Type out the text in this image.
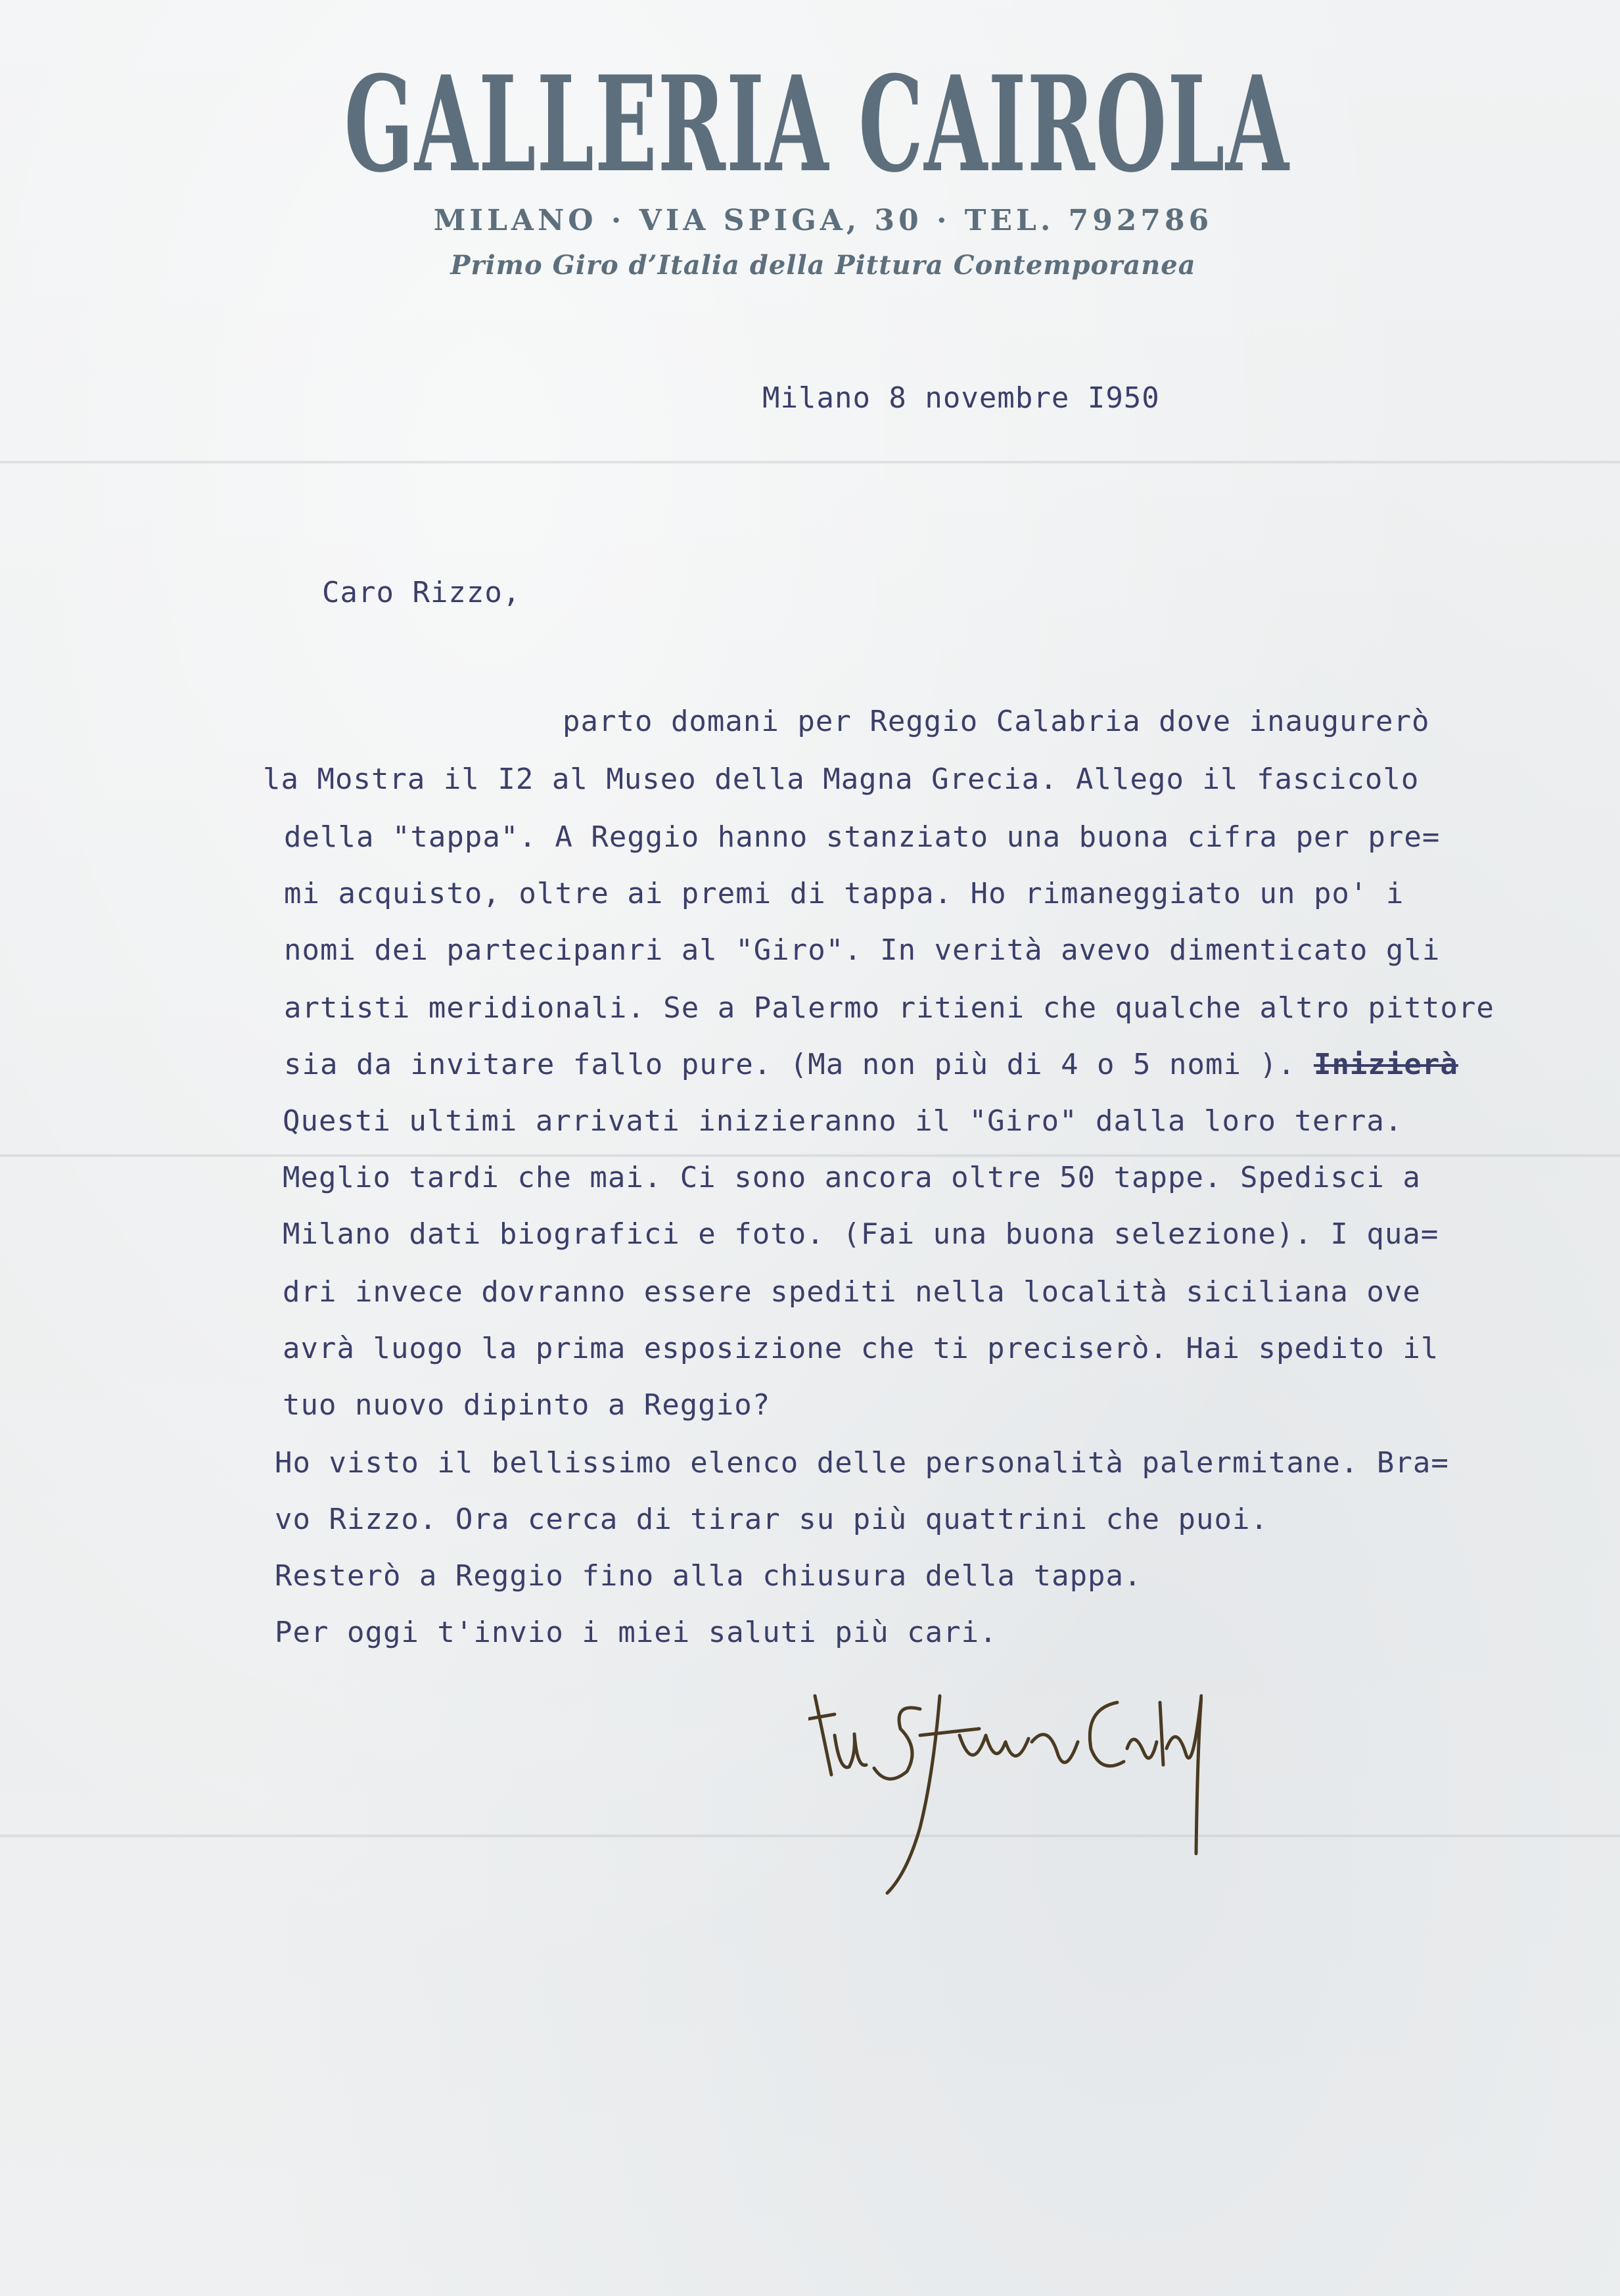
GALLERIA CAIROLA
MILANO · VIA SPIGA, 30 · TEL. 792786
Primo Giro d’Italia della Pittura Contemporanea
Milano 8 novembre I950
Caro Rizzo,
parto domani per Reggio Calabria dove inaugurerò
la Mostra il I2 al Museo della Magna Grecia. Allego il fascicolo
della "tappa". A Reggio hanno stanziato una buona cifra per pre=
mi acquisto, oltre ai premi di tappa. Ho rimaneggiato un po' i
nomi dei partecipanri al "Giro". In verità avevo dimenticato gli
artisti meridionali. Se a Palermo ritieni che qualche altro pittore
sia da invitare fallo pure. (Ma non più di 4 o 5 nomi ). Inizierà
Questi ultimi arrivati inizieranno il "Giro" dalla loro terra.
Meglio tardi che mai. Ci sono ancora oltre 50 tappe. Spedisci a
Milano dati biografici e foto. (Fai una buona selezione). I qua=
dri invece dovranno essere spediti nella località siciliana ove
avrà luogo la prima esposizione che ti preciserò. Hai spedito il
tuo nuovo dipinto a Reggio?
Ho visto il bellissimo elenco delle personalità palermitane. Bra=
vo Rizzo. Ora cerca di tirar su più quattrini che puoi.
Resterò a Reggio fino alla chiusura della tappa.
Per oggi t'invio i miei saluti più cari.
